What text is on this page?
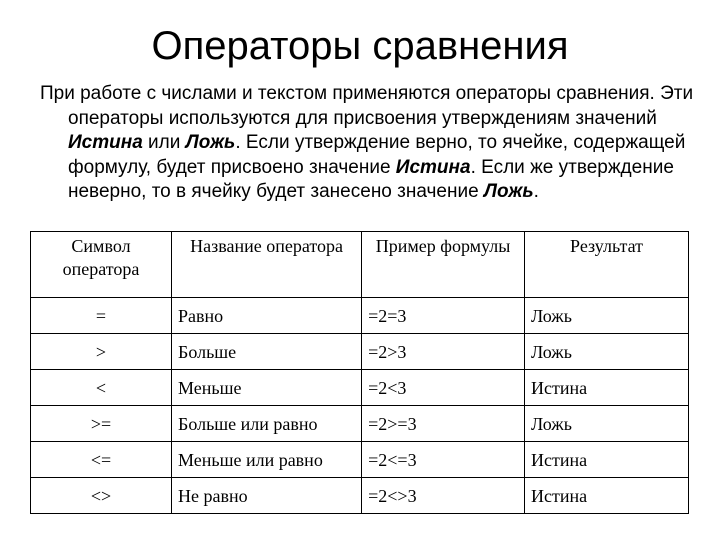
Операторы сравнения
При работе с числами и текстом применяются операторы сравнения. Эти операторы используются для присвоения утверждениям значений Истина или Ложь. Если утверждение верно, то ячейке, содержащей формулу, будет присвоено значение Истина. Если же утверждение неверно, то в ячейку будет занесено значение Ложь.
Символ оператора	Название оператора	Пример формулы	Результат
=	Равно	=2=3	Ложь
>	Больше	=2>3	Ложь
<	Меньше	=2<3	Истина
>=	Больше или равно	=2>=3	Ложь
<=	Меньше или равно	=2<=3	Истина
<>	Не равно	=2<>3	Истина
